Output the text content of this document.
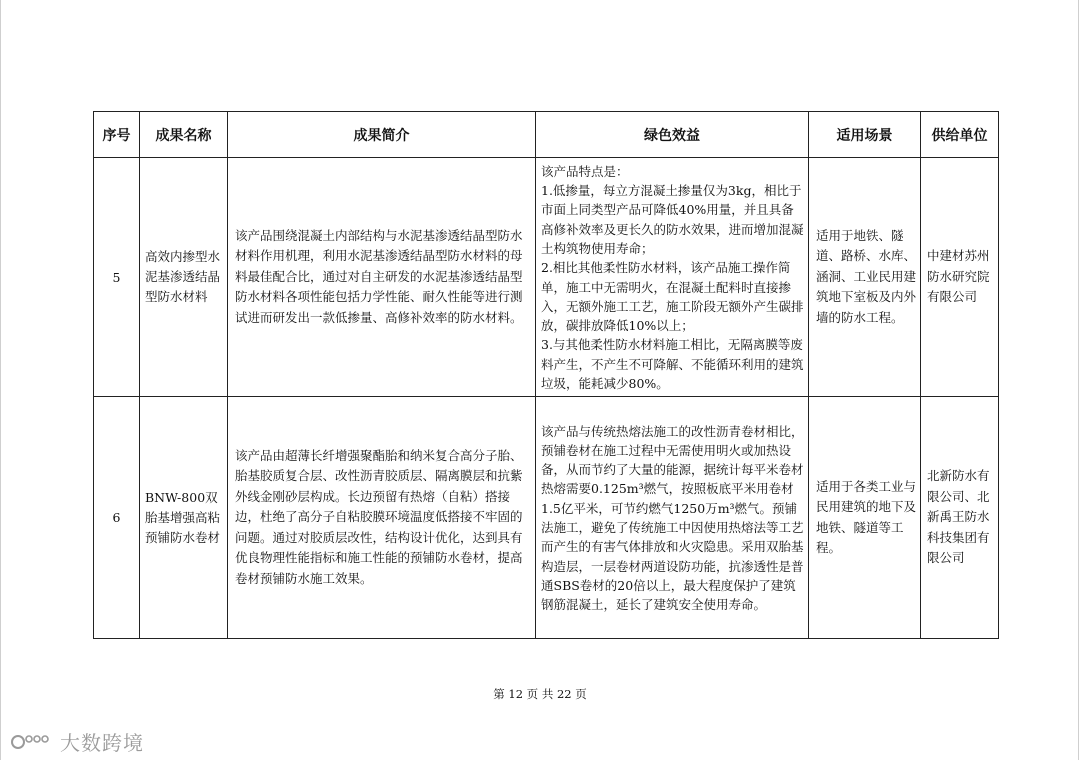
序号	成果名称	成果简介	绿色效益	适用场景	供给单位
5	高效内掺型水泥基渗透结晶型防水材料	该产品围绕混凝土内部结构与水泥基渗透结晶型防水材料作用机理，利用水泥基渗透结晶型防水材料的母料最佳配合比，通过对自主研发的水泥基渗透结晶型防水材料各项性能包括力学性能、耐久性能等进行测试进而研发出一款低掺量、高修补效率的防水材料。	该产品特点是：
1.低掺量，每立方混凝土掺量仅为3kg，相比于市面上同类型产品可降低40%用量，并且具备高修补效率及更长久的防水效果，进而增加混凝土构筑物使用寿命；
2.相比其他柔性防水材料，该产品施工操作简单，施工中无需明火，在混凝土配料时直接掺入，无额外施工工艺，施工阶段无额外产生碳排放，碳排放降低10%以上；
3.与其他柔性防水材料施工相比，无隔离膜等废料产生，不产生不可降解、不能循环利用的建筑垃圾，能耗减少80%。	适用于地铁、隧道、路桥、水库、涵洞、工业民用建筑地下室板及内外墙的防水工程。	中建材苏州防水研究院有限公司
6	BNW-800双胎基增强高粘预铺防水卷材	该产品由超薄长纤增强聚酯胎和纳米复合高分子胎、胎基胶质复合层、改性沥青胶质层、隔离膜层和抗紫外线金刚砂层构成。长边预留有热熔（自粘）搭接边，杜绝了高分子自粘胶膜环境温度低搭接不牢固的问题。通过对胶质层改性，结构设计优化，达到具有优良物理性能指标和施工性能的预铺防水卷材，提高卷材预铺防水施工效果。	该产品与传统热熔法施工的改性沥青卷材相比，预铺卷材在施工过程中无需使用明火或加热设备，从而节约了大量的能源，据统计每平米卷材热熔需要0.125m³燃气，按照板底平米用卷材1.5亿平米，可节约燃气1250万m³燃气。预铺法施工，避免了传统施工中因使用热熔法等工艺而产生的有害气体排放和火灾隐患。采用双胎基构造层，一层卷材两道设防功能，抗渗透性是普通SBS卷材的20倍以上，最大程度保护了建筑钢筋混凝土，延长了建筑安全使用寿命。	适用于各类工业与民用建筑的地下及地铁、隧道等工程。	北新防水有限公司、北新禹王防水科技集团有限公司
第 12 页 共 22 页
大数跨境
